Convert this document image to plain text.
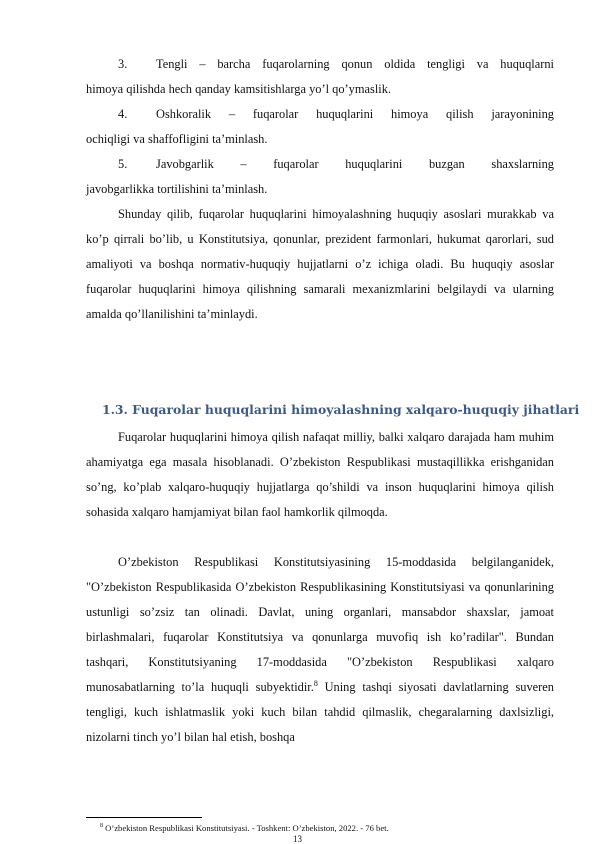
3. Tengli – barcha fuqarolarning qonun oldida tengligi va huquqlarni
himoya qilishda hech qanday kamsitishlarga yo’l qo’ymaslik.
4. Oshkoralik – fuqarolar huquqlarini himoya qilish jarayonining
ochiqligi va shaffofligini ta’minlash.
5. Javobgarlik – fuqarolar huquqlarini buzgan shaxslarning
javobgarlikka tortilishini ta’minlash.
Shunday qilib, fuqarolar huquqlarini himoyalashning huquqiy asoslari murakkab va ko’p qirrali bo’lib, u Konstitutsiya, qonunlar, prezident farmonlari, hukumat qarorlari, sud amaliyoti va boshqa normativ-huquqiy hujjatlarni o’z ichiga oladi. Bu huquqiy asoslar fuqarolar huquqlarini himoya qilishning samarali mexanizmlarini belgilaydi va ularning amalda qo’llanilishini ta’minlaydi.
1.3. Fuqarolar huquqlarini himoyalashning xalqaro-huquqiy jihatlari
Fuqarolar huquqlarini himoya qilish nafaqat milliy, balki xalqaro darajada ham muhim ahamiyatga ega masala hisoblanadi. O’zbekiston Respublikasi mustaqillikka erishganidan so’ng, ko’plab xalqaro-huquqiy hujjatlarga qo’shildi va inson huquqlarini himoya qilish sohasida xalqaro hamjamiyat bilan faol hamkorlik qilmoqda.
O’zbekiston Respublikasi Konstitutsiyasining 15-moddasida belgilanganidek, "O’zbekiston Respublikasida O’zbekiston Respublikasining Konstitutsiyasi va qonunlarining ustunligi so’zsiz tan olinadi. Davlat, uning organlari, mansabdor shaxslar, jamoat birlashmalari, fuqarolar Konstitutsiya va qonunlarga muvofiq ish ko’radilar". Bundan tashqari, Konstitutsiyaning 17-moddasida "O’zbekiston Respublikasi xalqaro munosabatlarning to’la huquqli subyektidir.$^8$ Uning tashqi siyosati davlatlarning suveren tengligi, kuch ishlatmaslik yoki kuch bilan tahdid qilmaslik, chegaralarning daxlsizligi, nizolarni tinch yo’l bilan hal etish, boshqa
$^8$ O’zbekiston Respublikasi Konstitutsiyasi. - Toshkent: O’zbekiston, 2022. - 76 bet.
13
